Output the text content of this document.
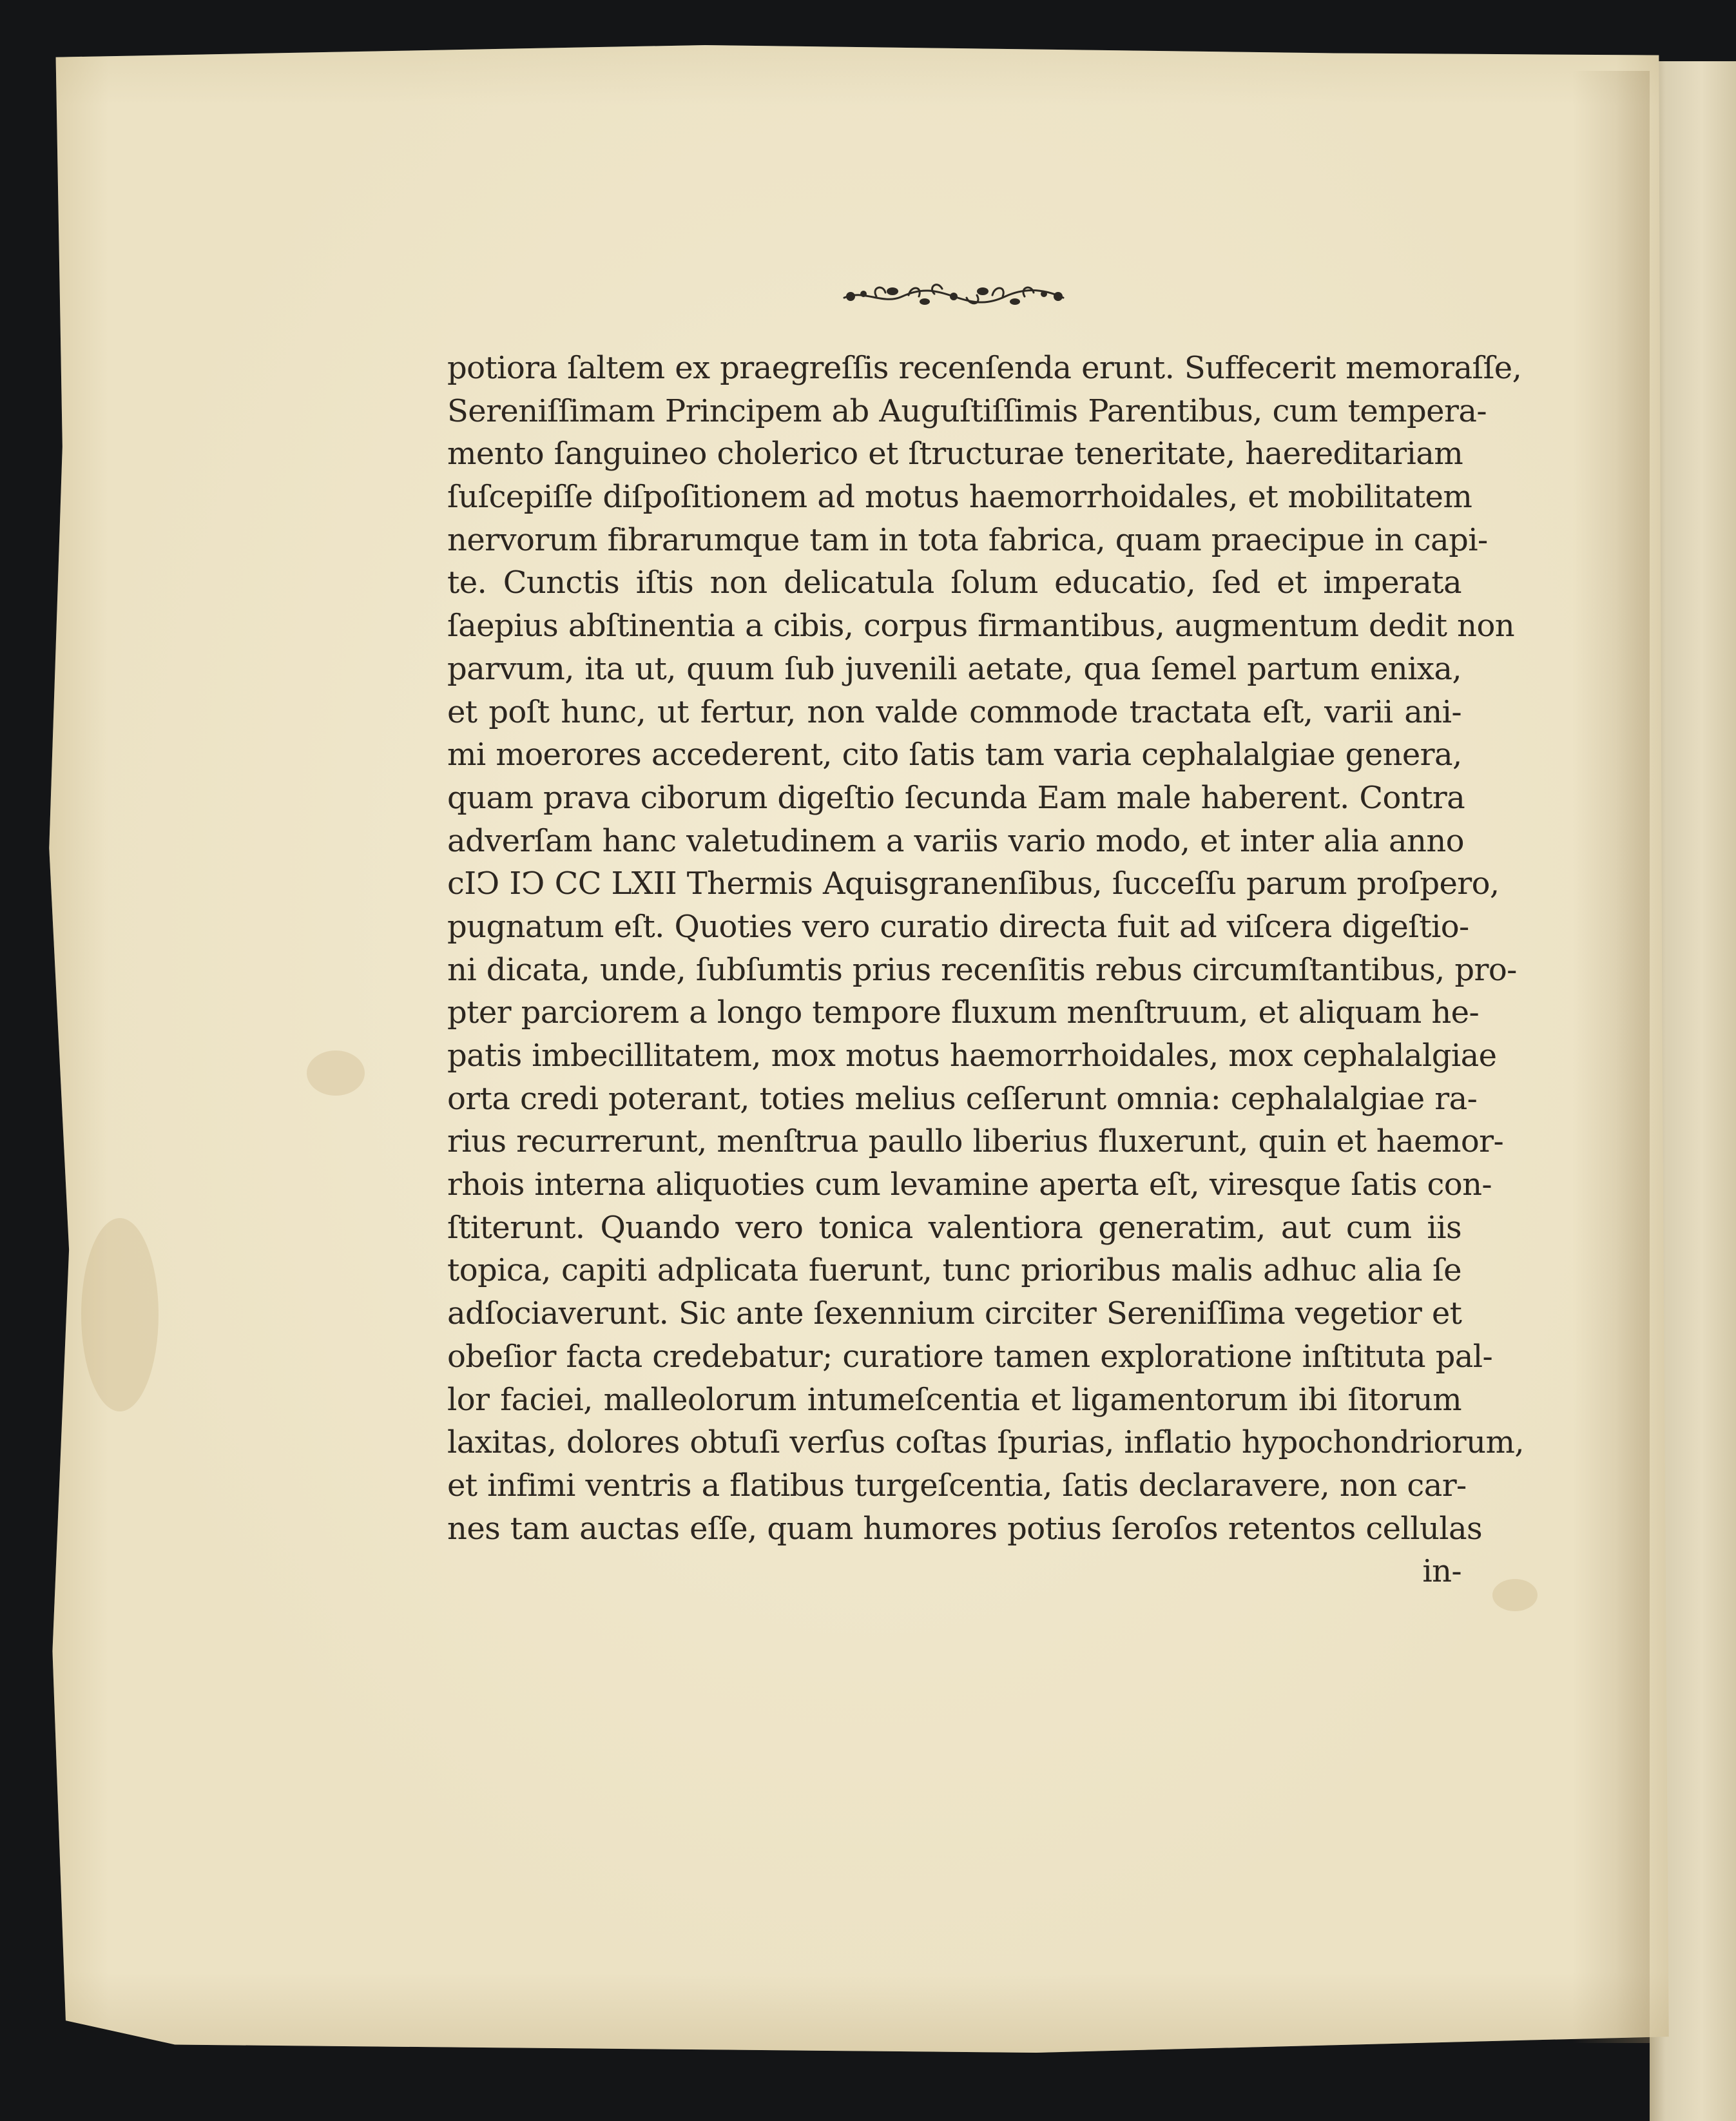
potiora ſaltem ex praegreſſis recenſenda erunt. Suffecerit memoraſſe,
Sereniſſimam Principem ab Auguſtiſſimis Parentibus, cum tempera-
mento ſanguineo cholerico et ſtructurae teneritate, haereditariam
ſuſcepiſſe diſpoſitionem ad motus haemorrhoidales, et mobilitatem
nervorum fibrarumque tam in tota fabrica, quam praecipue in capi-
te. Cunctis iſtis non delicatula ſolum educatio, ſed et imperata
ſaepius abſtinentia a cibis, corpus firmantibus, augmentum dedit non
parvum, ita ut, quum ſub juvenili aetate, qua ſemel partum enixa,
et poſt hunc, ut fertur, non valde commode tractata eſt, varii ani-
mi moerores accederent, cito ſatis tam varia cephalalgiae genera,
quam prava ciborum digeſtio ſecunda Eam male haberent. Contra
adverſam hanc valetudinem a variis vario modo, et inter alia anno
cIↃ IↃ CC LXII Thermis Aquisgranenſibus, ſucceſſu parum proſpero,
pugnatum eſt. Quoties vero curatio directa fuit ad viſcera digeſtio-
ni dicata, unde, ſubſumtis prius recenſitis rebus circumſtantibus, pro-
pter parciorem a longo tempore fluxum menſtruum, et aliquam he-
patis imbecillitatem, mox motus haemorrhoidales, mox cephalalgiae
orta credi poterant, toties melius ceſſerunt omnia: cephalalgiae ra-
rius recurrerunt, menſtrua paullo liberius fluxerunt, quin et haemor-
rhois interna aliquoties cum levamine aperta eſt, viresque ſatis con-
ſtiterunt. Quando vero tonica valentiora generatim, aut cum iis
topica, capiti adplicata fuerunt, tunc prioribus malis adhuc alia ſe
adſociaverunt. Sic ante ſexennium circiter Sereniſſima vegetior et
obeſior facta credebatur; curatiore tamen exploratione inſtituta pal-
lor faciei, malleolorum intumeſcentia et ligamentorum ibi ſitorum
laxitas, dolores obtuſi verſus coſtas ſpurias, inflatio hypochondriorum,
et infimi ventris a flatibus turgeſcentia, ſatis declaravere, non car-
nes tam auctas eſſe, quam humores potius ſeroſos retentos cellulas
in-
